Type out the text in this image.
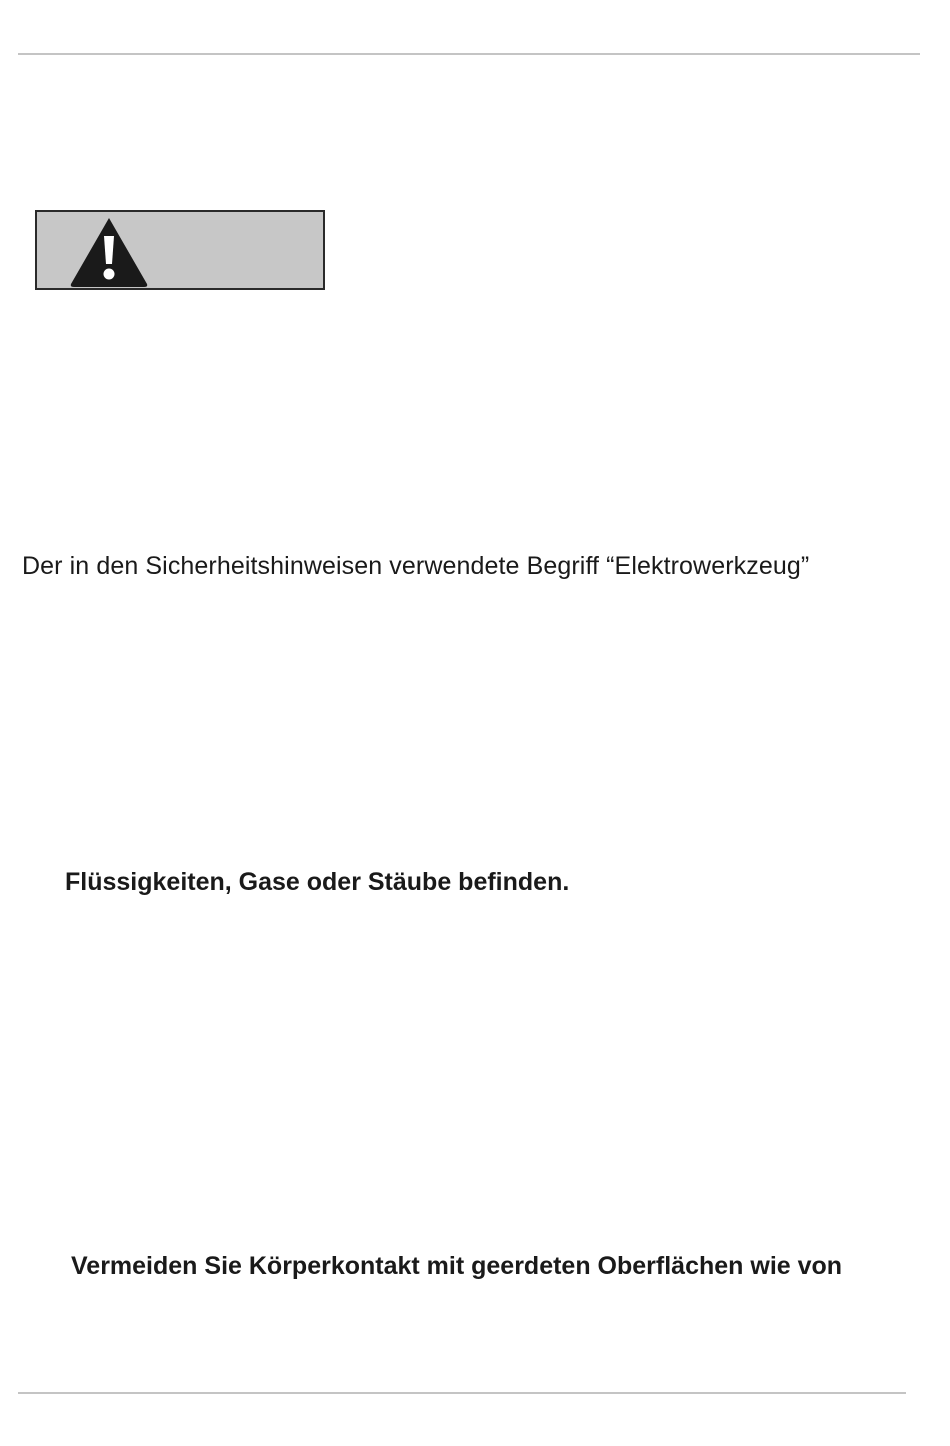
Der in den Sicherheitshinweisen verwendete Begriff “Elektrowerkzeug”

Flüssigkeiten, Gase oder Stäube befinden.

Vermeiden Sie Körperkontakt mit geerdeten Oberflächen wie von
